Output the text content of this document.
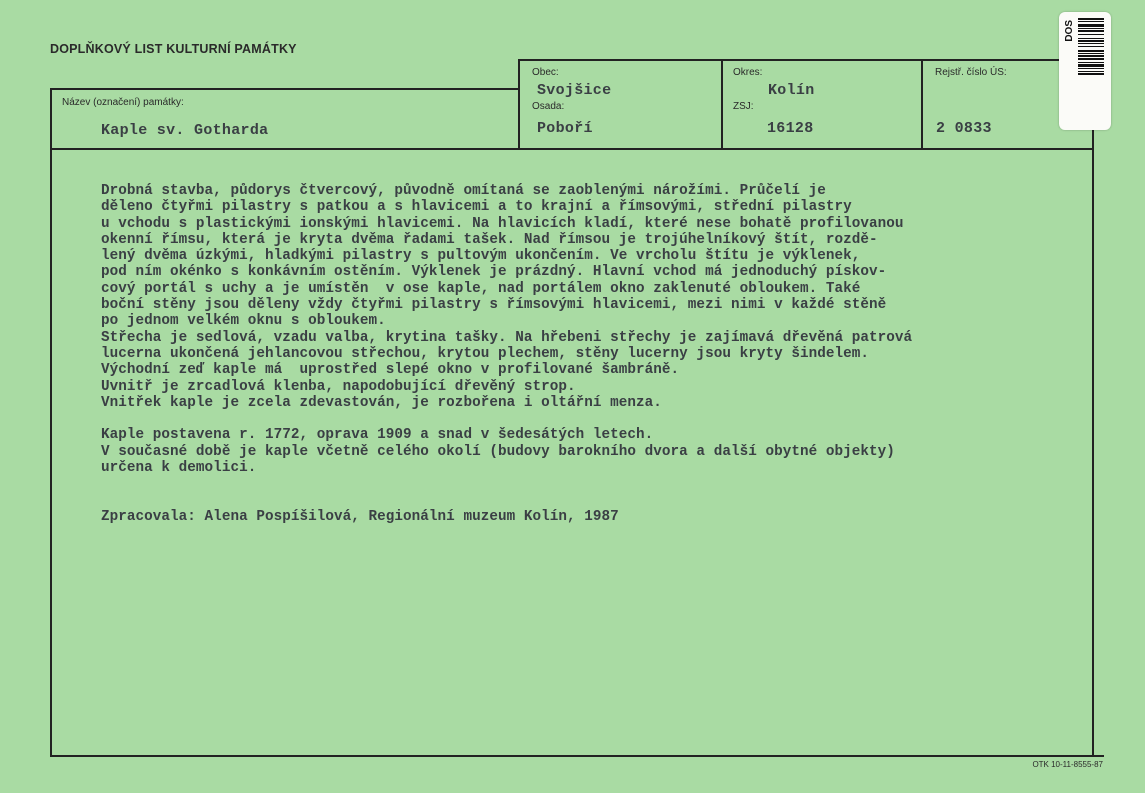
DOPLŇKOVÝ LIST KULTURNÍ PAMÁTKY
Název (označení) památky:
Obec:
Osada:
Okres:
ZSJ:
Rejstř. číslo ÚS:
Kaple sv. Gotharda
Svojšice
Poboří
Kolín
16128	2 0833
Drobná stavba, půdorys čtvercový, původně omítaná se zaoblenými nárožími. Průčelí je
děleno čtyřmi pilastry s patkou a s hlavicemi a to krajní a římsovými, střední pilastry
u vchodu s plastickými ionskými hlavicemi. Na hlavicích kladí, které nese bohatě profilovanou
okenní římsu, která je kryta dvěma řadami tašek. Nad římsou je trojúhelníkový štít, rozdě-
lený dvěma úzkými, hladkými pilastry s pultovým ukončením. Ve vrcholu štítu je výklenek,
pod ním okénko s konkávním ostěním. Výklenek je prázdný. Hlavní vchod má jednoduchý pískov-
cový portál s uchy a je umístěn  v ose kaple, nad portálem okno zaklenuté obloukem. Také
boční stěny jsou děleny vždy čtyřmi pilastry s římsovými hlavicemi, mezi nimi v každé stěně
po jednom velkém oknu s obloukem.
Střecha je sedlová, vzadu valba, krytina tašky. Na hřebeni střechy je zajímavá dřevěná patrová
lucerna ukončená jehlancovou střechou, krytou plechem, stěny lucerny jsou kryty šindelem.
Východní zeď kaple má  uprostřed slepé okno v profilované šambráně.
Uvnitř je zrcadlová klenba, napodobující dřevěný strop.
Vnitřek kaple je zcela zdevastován, je rozbořena i oltářní menza.

Kaple postavena r. 1772, oprava 1909 a snad v šedesátých letech.
V současné době je kaple včetně celého okolí (budovy barokního dvora a další obytné objekty)
určena k demolici.

Zpracovala: Alena Pospíšilová, Regionální muzeum Kolín, 1987
OTK 10-11-8555-87
DOS
